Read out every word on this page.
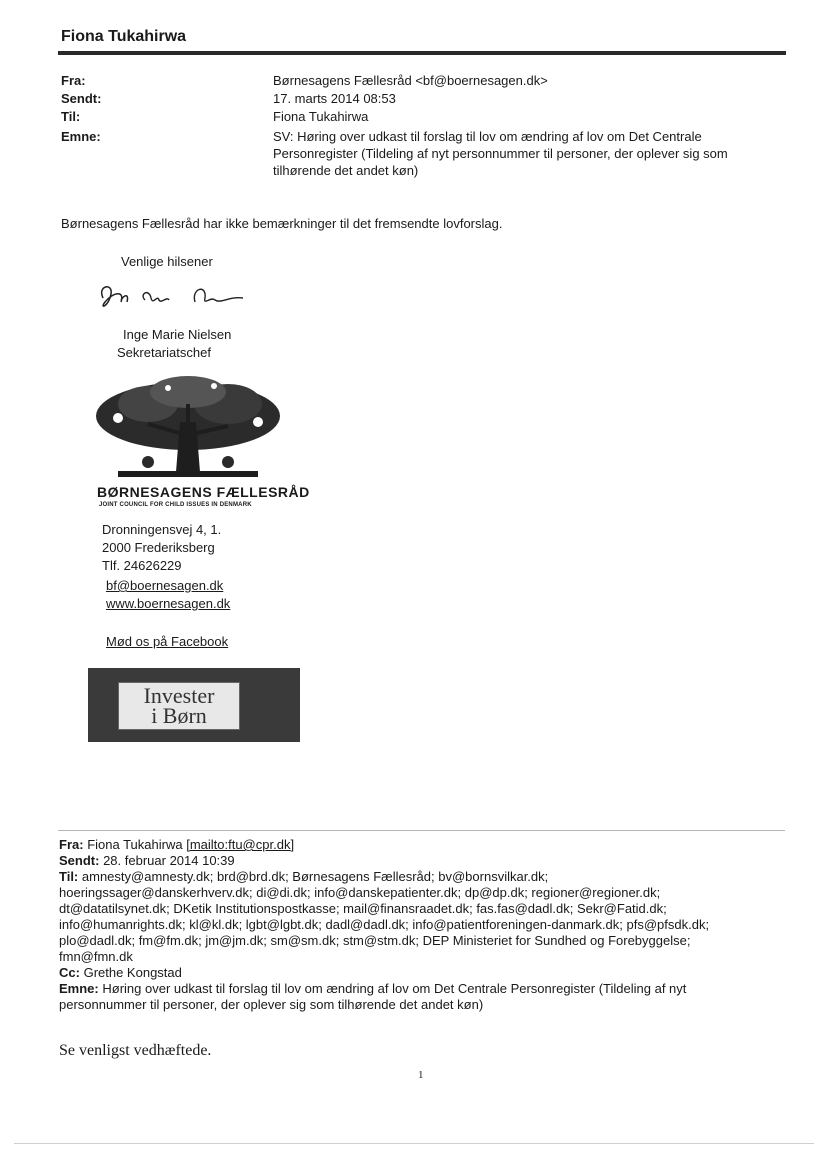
Fiona Tukahirwa
Fra:	Børnesagens Fællesråd <bf@boernesagen.dk>
Sendt:	17. marts 2014 08:53
Til:	Fiona Tukahirwa
Emne:	SV: Høring over udkast til forslag til lov om ændring af lov om Det Centrale Personregister (Tildeling af nyt personnummer til personer, der oplever sig som tilhørende det andet køn)
Børnesagens Fællesråd har ikke bemærkninger til det fremsendte lovforslag.
Venlige hilsener
Inge Marie Nielsen
Sekretariatschef
BØRNESAGENS FÆLLESRÅD
JOINT COUNCIL FOR CHILD ISSUES IN DENMARK
Dronningensvej 4, 1.
2000 Frederiksberg
Tlf. 24626229
bf@boernesagen.dk
www.boernesagen.dk
Mød os på Facebook
Invester
i Børn
Fra: Fiona Tukahirwa [mailto:ftu@cpr.dk]
Sendt: 28. februar 2014 10:39
Til: amnesty@amnesty.dk; brd@brd.dk; Børnesagens Fællesråd; bv@bornsvilkar.dk;
hoeringssager@danskerhverv.dk; di@di.dk; info@danskepatienter.dk; dp@dp.dk; regioner@regioner.dk;
dt@datatilsynet.dk; DKetik Institutionspostkasse; mail@finansraadet.dk; fas.fas@dadl.dk; Sekr@Fatid.dk;
info@humanrights.dk; kl@kl.dk; lgbt@lgbt.dk; dadl@dadl.dk; info@patientforeningen-danmark.dk; pfs@pfsdk.dk;
plo@dadl.dk; fm@fm.dk; jm@jm.dk; sm@sm.dk; stm@stm.dk; DEP Ministeriet for Sundhed og Forebyggelse;
fmn@fmn.dk
Cc: Grethe Kongstad
Emne: Høring over udkast til forslag til lov om ændring af lov om Det Centrale Personregister (Tildeling af nyt personnummer til personer, der oplever sig som tilhørende det andet køn)
Se venligst vedhæftede.
1
